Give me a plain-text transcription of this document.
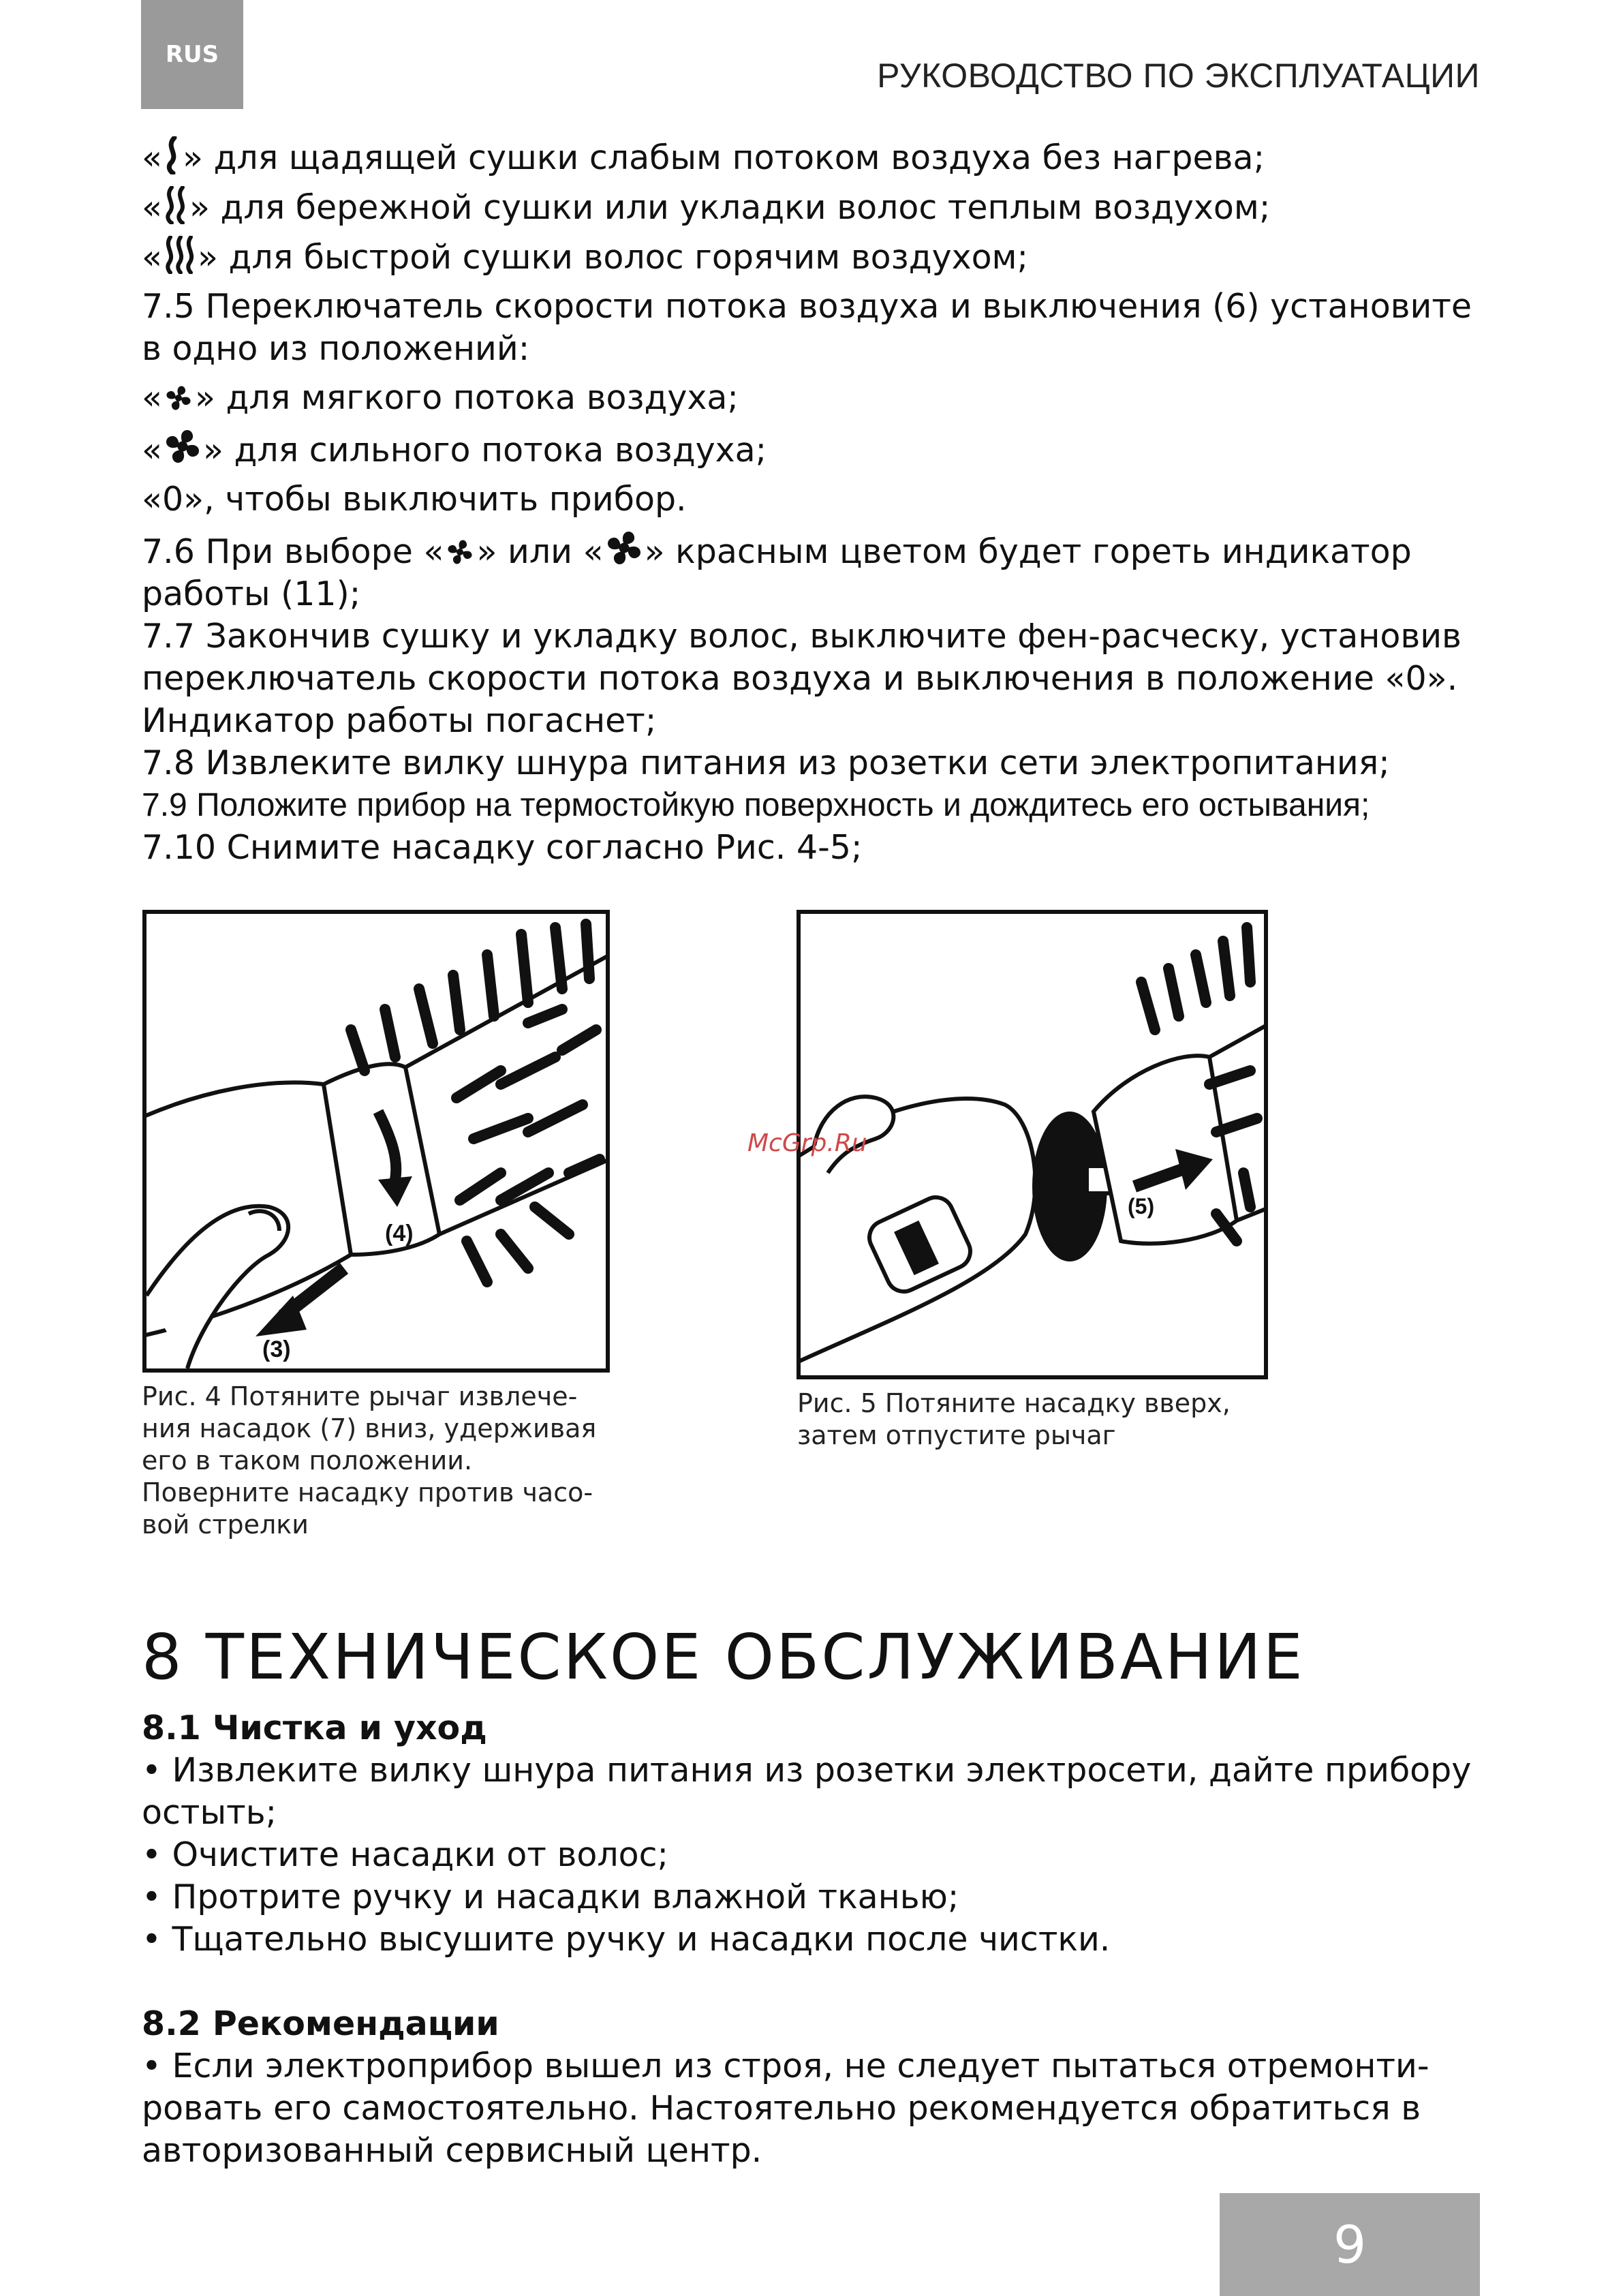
RUS
РУКОВОДСТВО ПО ЭКСПЛУАТАЦИИ

« » для щадящей сушки слабым потоком воздуха без нагрева;

« » для бережной сушки или укладки волос теплым воздухом;

« » для быстрой сушки волос горячим воздухом;

7.5 Переключатель скорости потока воздуха и выключения (6) установите

в одно из положений:

« » для мягкого потока воздуха;

« » для сильного потока воздуха;

«0», чтобы выключить прибор.

7.6 При выборе « » или « » красным цветом будет гореть индикатор

работы (11);

7.7 Закончив сушку и укладку волос, выключите фен-расческу, установив

переключатель скорости потока воздуха и выключения в положение «0».

Индикатор работы погаснет;

7.8 Извлеките вилку шнура питания из розетки сети электропитания;

7.9 Положите прибор на термостойкую поверхность и дождитесь его остывания;

7.10 Снимите насадку согласно Рис. 4-5;

(4)
(3)
Рис. 4 Потяните рычаг извлече-
ния насадок (7) вниз, удерживая
его в таком положении.
Поверните насадку против часо-
вой стрелки
(5)
Рис. 5 Потяните насадку вверх,
затем отпустите рычаг
McGrp.Ru
8 ТЕХНИЧЕСКОЕ ОБСЛУЖИВАНИЕ

8.1 Чистка и уход

• Извлеките вилку шнура питания из розетки электросети, дайте прибору

остыть;

• Очистите насадки от волос;

• Протрите ручку и насадки влажной тканью;

• Тщательно высушите ручку и насадки после чистки.

8.2 Рекомендации

• Если электроприбор вышел из строя, не следует пытаться отремонти-

ровать его самостоятельно. Настоятельно рекомендуется обратиться в

авторизованный сервисный центр.

9
